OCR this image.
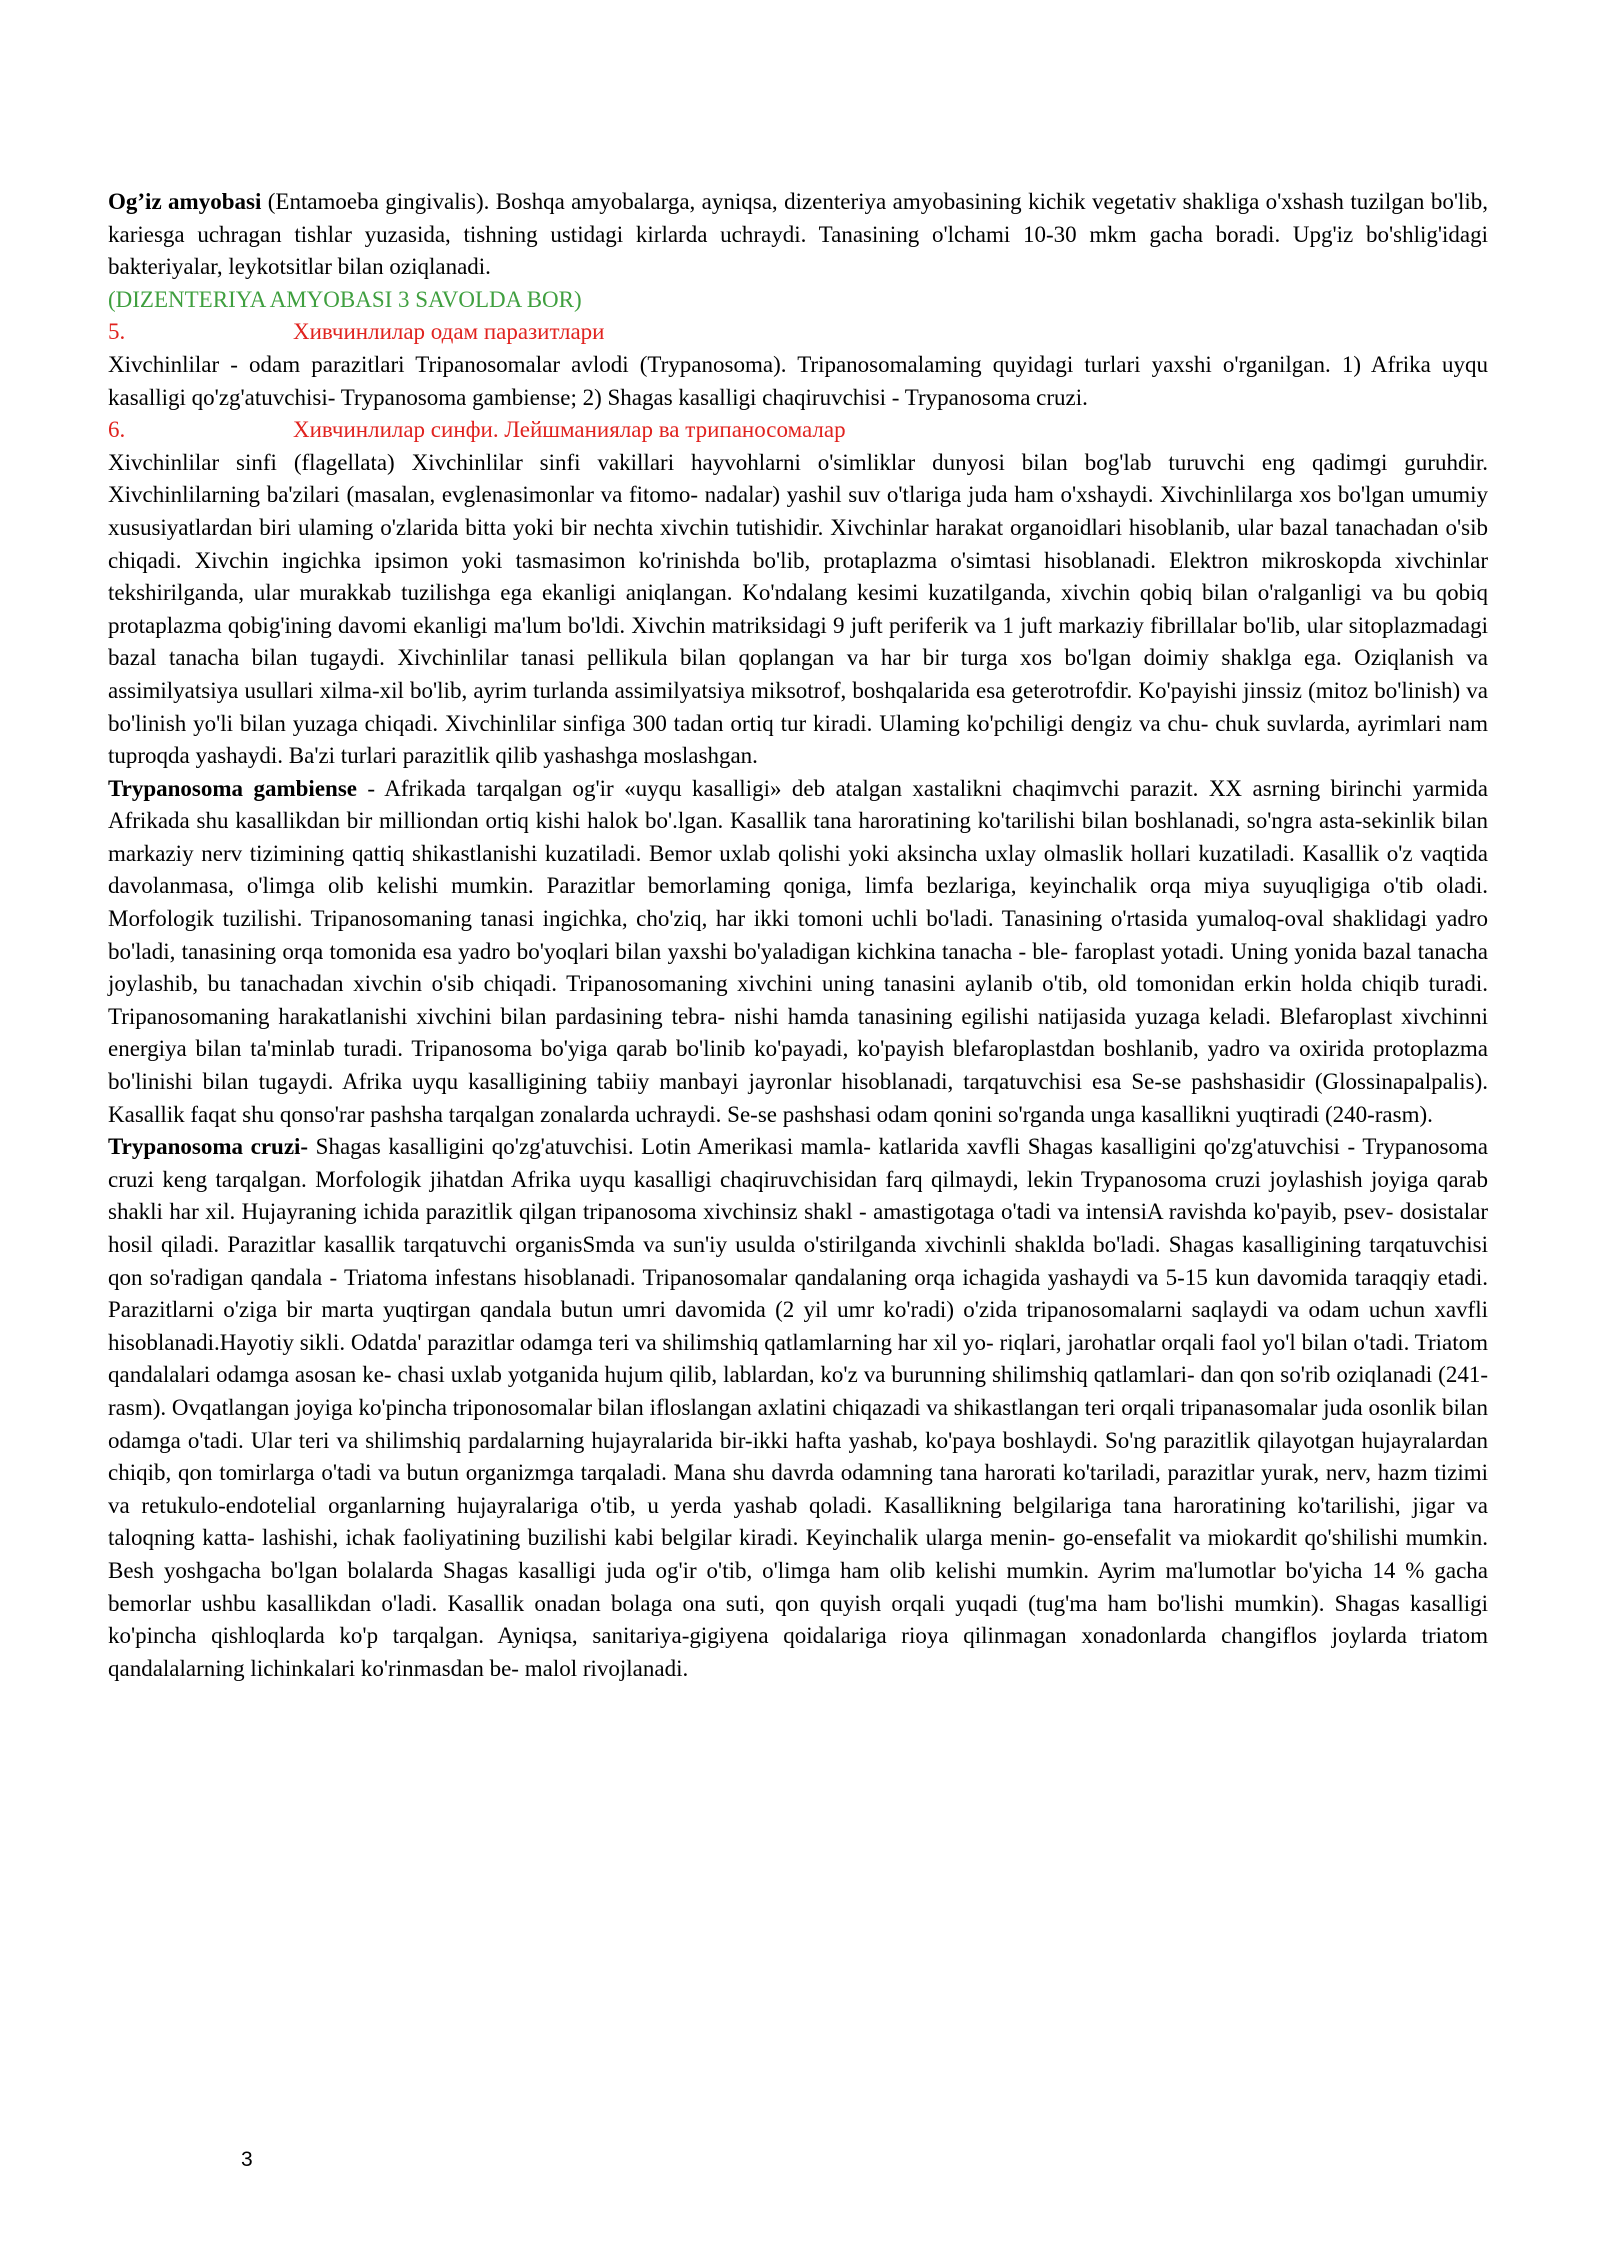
Og’iz amyobasi (Entamoeba gingivalis). Boshqa amyobalarga, ayniqsa, dizenteriya amyobasining kichik vegetativ shakliga o'xshash tuzilgan bo'lib, kariesga uchragan tishlar yuzasida, tishning ustidagi kirlarda uchraydi. Tanasining o'lchami 10-30 mkm gacha boradi. Upg'iz bo'shlig'idagi bakteriyalar, leykotsitlar bilan oziqlanadi.

(DIZENTERIYA AMYOBASI 3 SAVOLDA BOR)

5.	Хивчинлилар одам паразитлари

Xivchinlilar - odam parazitlari Tripanosomalar avlodi (Trypanosoma). Tripanosomalaming quyidagi turlari yaxshi o'rganilgan. 1) Afrika uyqu kasalligi qo'zg'atuvchisi- Trypanosoma gambiense; 2) Shagas kasalligi chaqiruvchisi - Trypanosoma cruzi.

6.	Хивчинлилар синфи. Лейшманиялар ва трипаносомалар

Xivchinlilar sinfi (flagellata) Xivchinlilar sinfi vakillari hayvohlarni o'simliklar dunyosi bilan bog'lab turuvchi eng qadimgi guruhdir. Xivchinlilarning ba'zilari (masalan, evglenasimonlar va fitomo- nadalar) yashil suv o'tlariga juda ham o'xshaydi. Xivchinlilarga xos bo'lgan umumiy xususiyatlardan biri ulaming o'zlarida bitta yoki bir nechta xivchin tutishidir. Xivchinlar harakat organoidlari hisoblanib, ular bazal tanachadan o'sib chiqadi. Xivchin ingichka ipsimon yoki tasmasimon ko'rinishda bo'lib, protaplazma o'simtasi hisoblanadi. Elektron mikroskopda xivchinlar tekshirilganda, ular murakkab tuzilishga ega ekanligi aniqlangan. Ko'ndalang kesimi kuzatilganda, xivchin qobiq bilan o'ralganligi va bu qobiq protaplazma qobig'ining davomi ekanligi ma'lum bo'ldi. Xivchin matriksidagi 9 juft periferik va 1 juft markaziy fibrillalar bo'lib, ular sitoplazmadagi bazal tanacha bilan tugaydi. Xivchinlilar tanasi pellikula bilan qoplangan va har bir turga xos bo'lgan doimiy shaklga ega. Oziqlanish va assimilyatsiya usullari xilma-xil bo'lib, ayrim turlanda assimilyatsiya miksotrof, boshqalarida esa geterotrofdir. Ko'payishi jinssiz (mitoz bo'linish) va bo'linish yo'li bilan yuzaga chiqadi. Xivchinlilar sinfiga 300 tadan ortiq tur kiradi. Ulaming ko'pchiligi dengiz va chu- chuk suvlarda, ayrimlari nam tuproqda yashaydi. Ba'zi turlari parazitlik qilib yashashga moslashgan.

Trypanosoma gambiense - Afrikada tarqalgan og'ir «uyqu kasalligi» deb atalgan xastalikni chaqimvchi parazit. XX asrning birinchi yarmida Afrikada shu kasallikdan bir milliondan ortiq kishi halok bo'.lgan. Kasallik tana haroratining ko'tarilishi bilan boshlanadi, so'ngra asta-sekinlik bilan markaziy nerv tizimining qattiq shikastlanishi kuzatiladi. Bemor uxlab qolishi yoki aksincha uxlay olmaslik hollari kuzatiladi. Kasallik o'z vaqtida davolanmasa, o'limga olib kelishi mumkin. Parazitlar bemorlaming qoniga, limfa bezlariga, keyinchalik orqa miya suyuqligiga o'tib oladi. Morfologik tuzilishi. Tripanosomaning tanasi ingichka, cho'ziq, har ikki tomoni uchli bo'ladi. Tanasining o'rtasida yumaloq-oval shaklidagi yadro bo'ladi, tanasining orqa tomonida esa yadro bo'yoqlari bilan yaxshi bo'yaladigan kichkina tanacha - ble- faroplast yotadi. Uning yonida bazal tanacha joylashib, bu tanachadan xivchin o'sib chiqadi. Tripanosomaning xivchini uning tanasini aylanib o'tib, old tomonidan erkin holda chiqib turadi. Tripanosomaning harakatlanishi xivchini bilan pardasining tebra- nishi hamda tanasining egilishi natijasida yuzaga keladi. Blefaroplast xivchinni energiya bilan ta'minlab turadi. Tripanosoma bo'yiga qarab bo'linib ko'payadi, ko'payish blefaroplastdan boshlanib, yadro va oxirida protoplazma bo'linishi bilan tugaydi. Afrika uyqu kasalligining tabiiy manbayi jayronlar hisoblanadi, tarqatuvchisi esa Se-se pashshasidir (Glossinapalpalis). Kasallik faqat shu qonso'rar pashsha tarqalgan zonalarda uchraydi. Se-se pashshasi odam qonini so'rganda unga kasallikni yuqtiradi (240-rasm).

Trypanosoma cruzi- Shagas kasalligini qo'zg'atuvchisi. Lotin Amerikasi mamla- katlarida xavfli Shagas kasalligini qo'zg'atuvchisi - Trypanosoma cruzi keng tarqalgan. Morfologik jihatdan Afrika uyqu kasalligi chaqiruvchisidan farq qilmaydi, lekin Trypanosoma cruzi joylashish joyiga qarab shakli har xil. Hujayraning ichida parazitlik qilgan tripanosoma xivchinsiz shakl - amastigotaga o'tadi va intensiA ravishda ko'payib, psev- dosistalar hosil qiladi. Parazitlar kasallik tarqatuvchi organisSmda va sun'iy usulda o'stirilganda xivchinli shaklda bo'ladi. Shagas kasalligining tarqatuvchisi qon so'radigan qandala - Triatoma infestans hisoblanadi. Tripanosomalar qandalaning orqa ichagida yashaydi va 5-15 kun davomida taraqqiy etadi. Parazitlarni o'ziga bir marta yuqtirgan qandala butun umri davomida (2 yil umr ko'radi) o'zida tripanosomalarni saqlaydi va odam uchun xavfli hisoblanadi.Hayotiy sikli. Odatda' parazitlar odamga teri va shilimshiq qatlamlarning har xil yo- riqlari, jarohatlar orqali faol yo'l bilan o'tadi. Triatom qandalalari odamga asosan ke- chasi uxlab yotganida hujum qilib, lablardan, ko'z va burunning shilimshiq qatlamlari- dan qon so'rib oziqlanadi (241-rasm). Ovqatlangan joyiga ko'pincha triponosomalar bilan ifloslangan axlatini chiqazadi va shikastlangan teri orqali tripanasomalar juda osonlik bilan odamga o'tadi. Ular teri va shilimshiq pardalarning hujayralarida bir-ikki hafta yashab, ko'paya boshlaydi. So'ng parazitlik qilayotgan hujayralardan chiqib, qon tomirlarga o'tadi va butun organizmga tarqaladi. Mana shu davrda odamning tana harorati ko'tariladi, parazitlar yurak, nerv, hazm tizimi va retukulo-endotelial organlarning hujayralariga o'tib, u yerda yashab qoladi. Kasallikning belgilariga tana haroratining ko'tarilishi, jigar va taloqning katta- lashishi, ichak faoliyatining buzilishi kabi belgilar kiradi. Keyinchalik ularga menin- go-ensefalit va miokardit qo'shilishi mumkin. Besh yoshgacha bo'lgan bolalarda Shagas kasalligi juda og'ir o'tib, o'limga ham olib kelishi mumkin. Ayrim ma'lumotlar bo'yicha 14 % gacha bemorlar ushbu kasallikdan o'ladi. Kasallik onadan bolaga ona suti, qon quyish orqali yuqadi (tug'ma ham bo'lishi mumkin). Shagas kasalligi ko'pincha qishloqlarda ko'p tarqalgan. Ayniqsa, sanitariya-gigiyena qoidalariga rioya qilinmagan xonadonlarda changiflos joylarda triatom qandalalarning lichinkalari ko'rinmasdan be- malol rivojlanadi.

3
